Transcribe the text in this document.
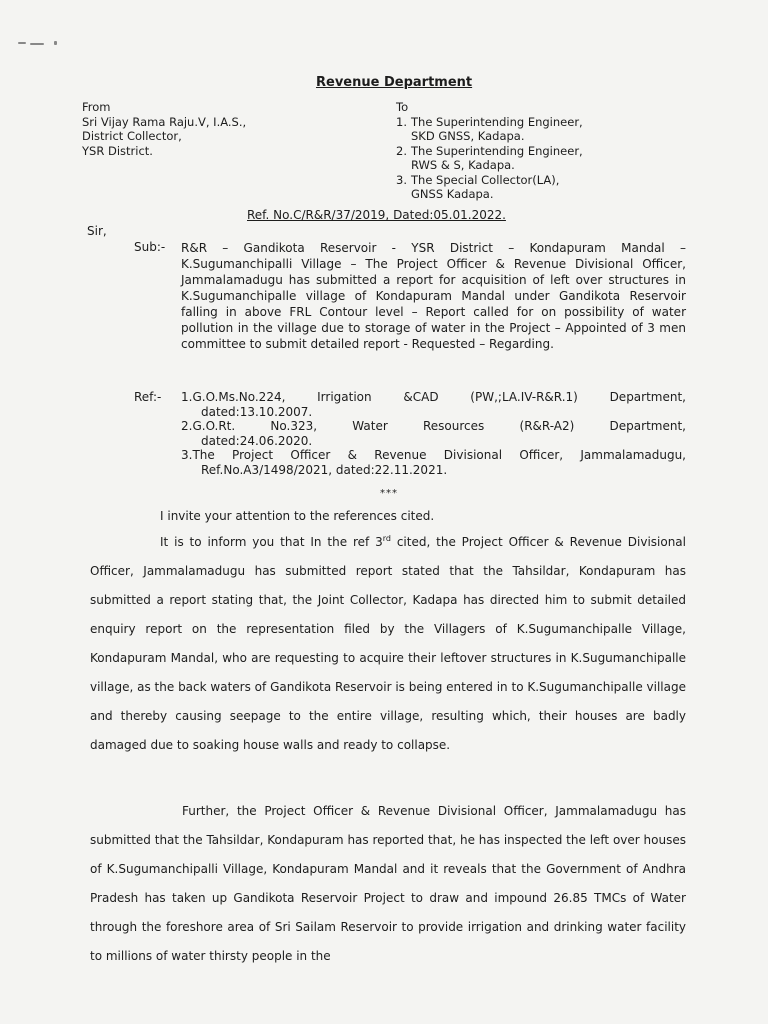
Revenue Department
From
Sri Vijay Rama Raju.V, I.A.S.,
District Collector,
YSR District.
To
1. The Superintending Engineer,
SKD GNSS, Kadapa.
2. The Superintending Engineer,
RWS & S, Kadapa.
3. The Special Collector(LA),
GNSS Kadapa.
Ref. No.C/R&R/37/2019, Dated:05.01.2022.
Sir,
Sub:- R&R – Gandikota Reservoir - YSR District – Kondapuram Mandal – K.Sugumanchipalli Village – The Project Officer & Revenue Divisional Officer, Jammalamadugu has submitted a report for acquisition of left over structures in K.Sugumanchipalle village of Kondapuram Mandal under Gandikota Reservoir falling in above FRL Contour level – Report called for on possibility of water pollution in the village due to storage of water in the Project – Appointed of 3 men committee to submit detailed report - Requested – Regarding.
Ref:- 1.G.O.Ms.No.224, Irrigation &CAD (PW,;LA.IV-R&R.1) Department,
dated:13.10.2007.
2.G.O.Rt. No.323, Water Resources (R&R-A2) Department,
dated:24.06.2020.
3.The Project Officer & Revenue Divisional Officer, Jammalamadugu,
Ref.No.A3/1498/2021, dated:22.11.2021.
***
I invite your attention to the references cited.
It is to inform you that In the ref 3rd cited, the Project Officer & Revenue Divisional Officer, Jammalamadugu has submitted report stated that the Tahsildar, Kondapuram has submitted a report stating that, the Joint Collector, Kadapa has directed him to submit detailed enquiry report on the representation filed by the Villagers of K.Sugumanchipalle Village, Kondapuram Mandal, who are requesting to acquire their leftover structures in K.Sugumanchipalle village, as the back waters of Gandikota Reservoir is being entered in to K.Sugumanchipalle village and thereby causing seepage to the entire village, resulting which, their houses are badly damaged due to soaking house walls and ready to collapse.
Further, the Project Officer & Revenue Divisional Officer, Jammalamadugu has submitted that the Tahsildar, Kondapuram has reported that, he has inspected the left over houses of K.Sugumanchipalli Village, Kondapuram Mandal and it reveals that the Government of Andhra Pradesh has taken up Gandikota Reservoir Project to draw and impound 26.85 TMCs of Water through the foreshore area of Sri Sailam Reservoir to provide irrigation and drinking water facility to millions of water thirsty people in the
